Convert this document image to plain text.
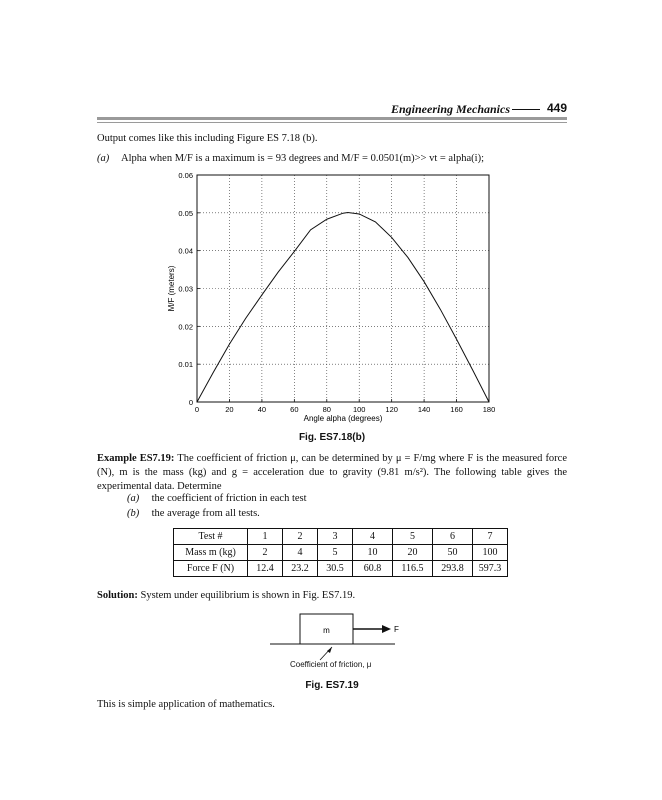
Engineering Mechanics	449
Output comes like this including Figure ES 7.18 (b).
(a) Alpha when M/F is a maximum is = 93 degrees and M/F = 0.0501(m)>> vt = alpha(i);
0	20	40	60	80	100	120	140	160	180
0
0.01
0.02
0.03
0.04
0.05
0.06
Angle alpha (degrees)
M/F (meters)
Fig. ES7.18(b)
Example ES7.19: The coefficient of friction μ, can be determined by μ = F/mg where F is the measured force (N), m is the mass (kg) and g = acceleration due to gravity (9.81 m/s²). The following table gives the experimental data. Determine
(a) the coefficient of friction in each test
(b) the average from all tests.
Test #	1	2	3	4	5	6	7
Mass m (kg)	2	4	5	10	20	50	100
Force F (N)	12.4	23.2	30.5	60.8	116.5	293.8	597.3
Solution: System under equilibrium is shown in Fig. ES7.19.
m	F
Coefficient of friction, μ
Fig. ES7.19
This is simple application of mathematics.
